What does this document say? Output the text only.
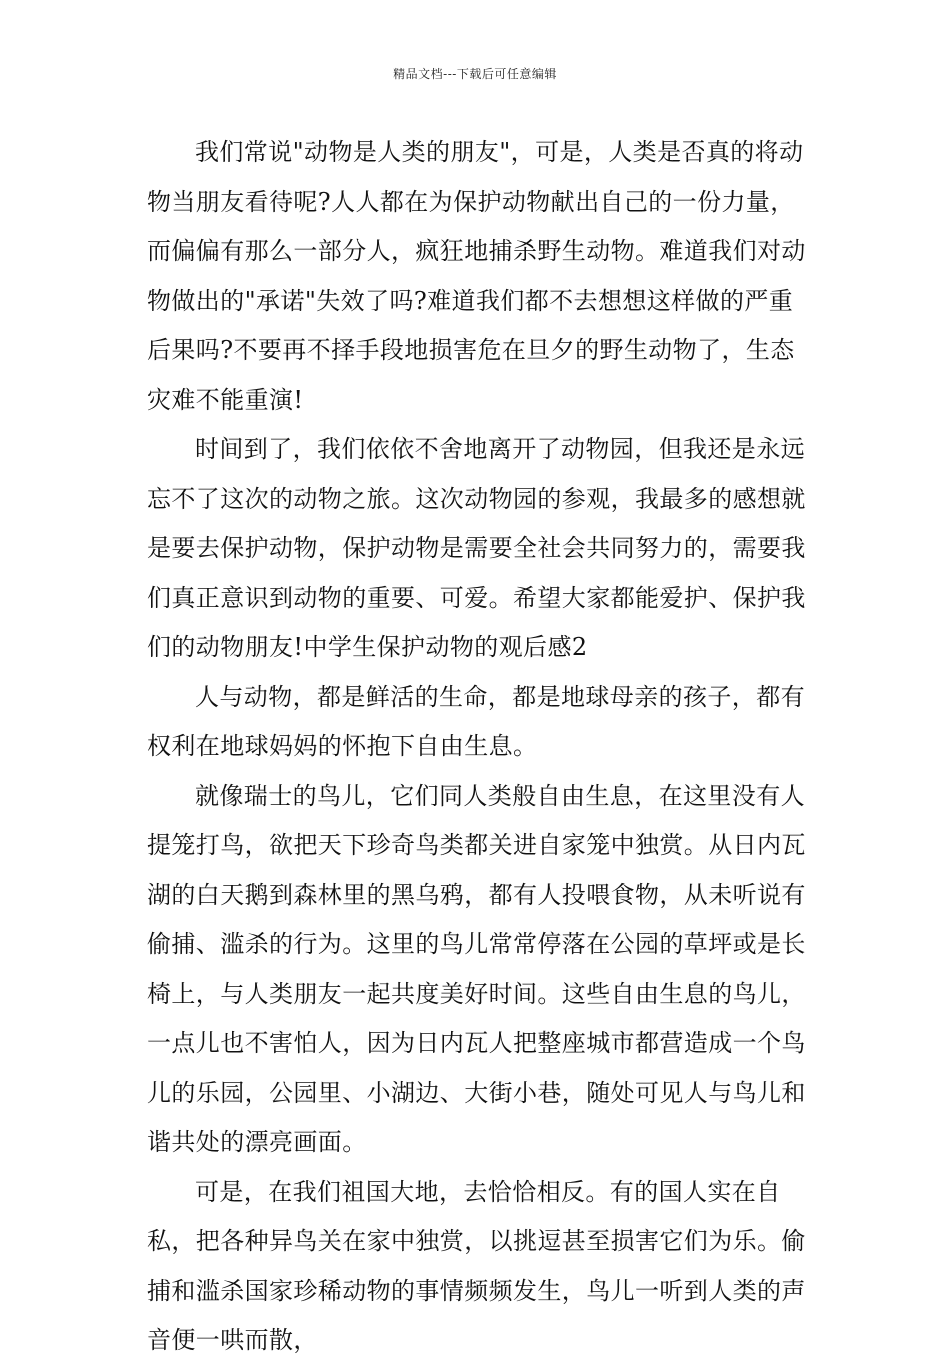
精品文档---下载后可任意编辑

我们常说"动物是人类的朋友"，可是，人类是否真的将动物当朋友看待呢?人人都在为保护动物献出自己的一份力量，而偏偏有那么一部分人，疯狂地捕杀野生动物。难道我们对动物做出的"承诺"失效了吗?难道我们都不去想想这样做的严重后果吗?不要再不择手段地损害危在旦夕的野生动物了，生态灾难不能重演!

时间到了，我们依依不舍地离开了动物园，但我还是永远忘不了这次的动物之旅。这次动物园的参观，我最多的感想就是要去保护动物，保护动物是需要全社会共同努力的，需要我们真正意识到动物的重要、可爱。希望大家都能爱护、保护我们的动物朋友!中学生保护动物的观后感2

人与动物，都是鲜活的生命，都是地球母亲的孩子，都有权利在地球妈妈的怀抱下自由生息。

就像瑞士的鸟儿，它们同人类般自由生息，在这里没有人提笼打鸟，欲把天下珍奇鸟类都关进自家笼中独赏。从日内瓦湖的白天鹅到森林里的黑乌鸦，都有人投喂食物，从未听说有偷捕、滥杀的行为。这里的鸟儿常常停落在公园的草坪或是长椅上，与人类朋友一起共度美好时间。这些自由生息的鸟儿，一点儿也不害怕人，因为日内瓦人把整座城市都营造成一个鸟儿的乐园，公园里、小湖边、大街小巷，随处可见人与鸟儿和谐共处的漂亮画面。

可是，在我们祖国大地，去恰恰相反。有的国人实在自私，把各种异鸟关在家中独赏，以挑逗甚至损害它们为乐。偷捕和滥杀国家珍稀动物的事情频频发生，鸟儿一听到人类的声音便一哄而散，
